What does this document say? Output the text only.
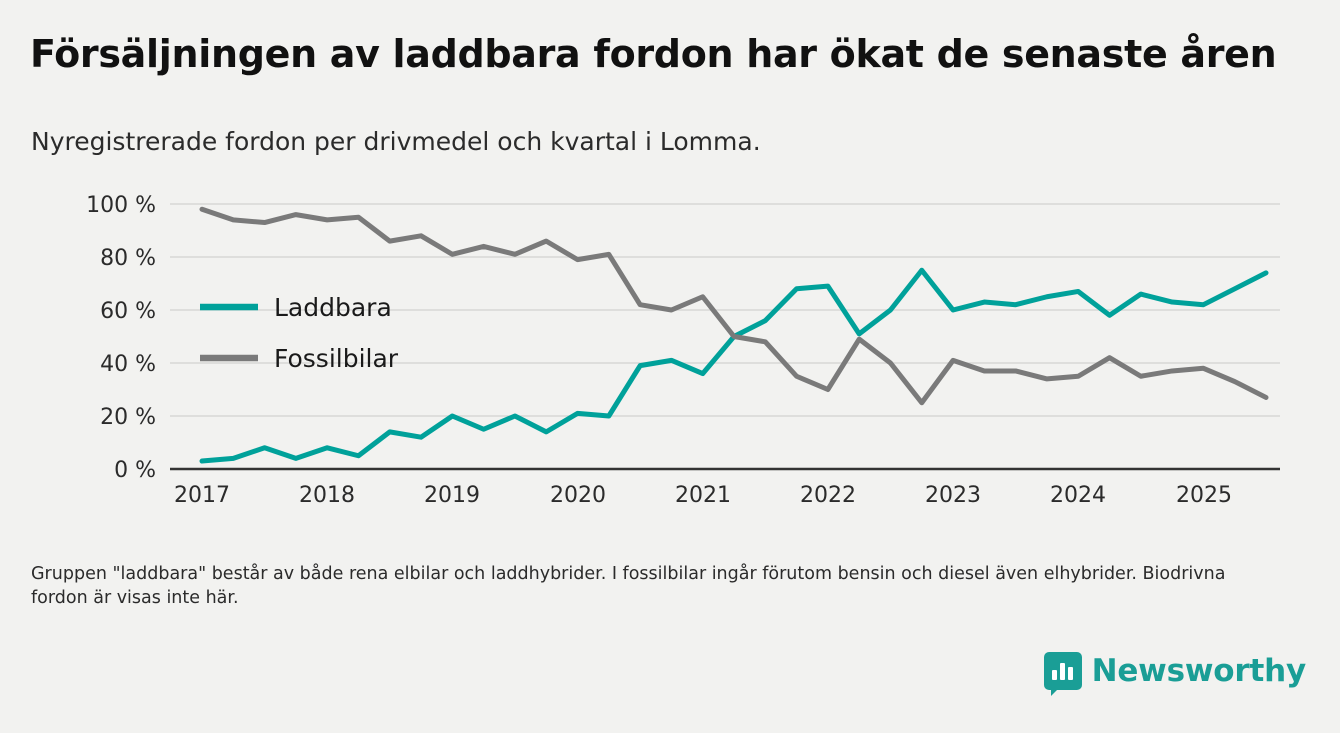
Försäljningen av laddbara fordon har ökat de senaste åren
Nyregistrerade fordon per drivmedel och kvartal i Lomma.
100 %
80 %
60 %
40 %
20 %
0 %
2017	2018	2019	2020	2021	2022	2023	2024	2025
Laddbara
Fossilbilar
Gruppen "laddbara" består av både rena elbilar och laddhybrider. I fossilbilar ingår förutom bensin och diesel även elhybrider. Biodrivna fordon är visas inte här.
Newsworthy
